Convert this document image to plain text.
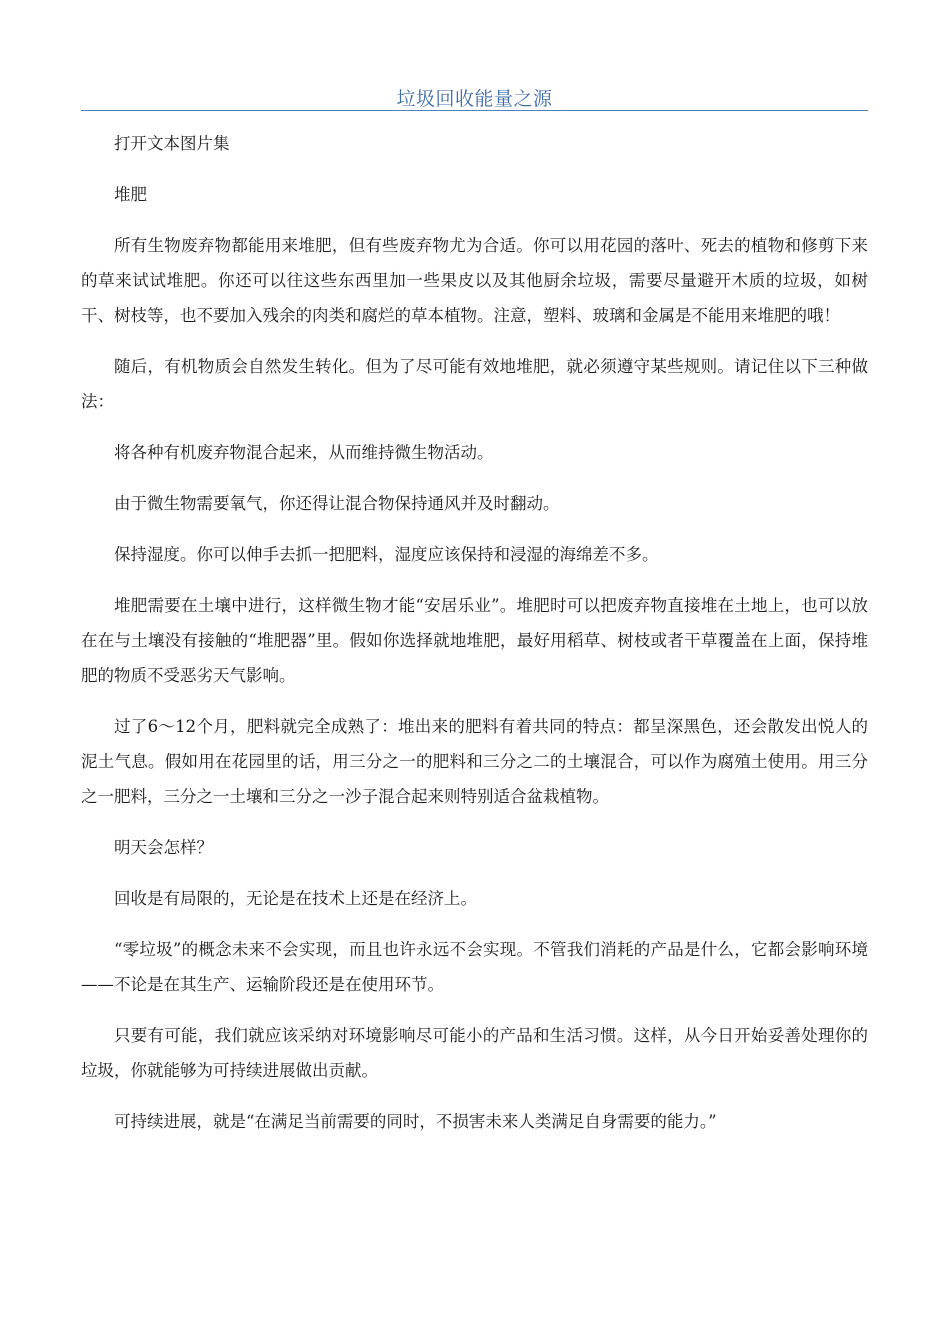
垃圾回收能量之源

打开文本图片集

堆肥

所有生物废弃物都能用来堆肥，但有些废弃物尤为合适。你可以用花园的落叶、死去的植物和修剪下来的草来试试堆肥。你还可以往这些东西里加一些果皮以及其他厨余垃圾，需要尽量避开木质的垃圾，如树干、树枝等，也不要加入残余的肉类和腐烂的草本植物。注意，塑料、玻璃和金属是不能用来堆肥的哦！

随后，有机物质会自然发生转化。但为了尽可能有效地堆肥，就必须遵守某些规则。请记住以下三种做法：

将各种有机废弃物混合起来，从而维持微生物活动。

由于微生物需要氧气，你还得让混合物保持通风并及时翻动。

保持湿度。你可以伸手去抓一把肥料，湿度应该保持和浸湿的海绵差不多。

堆肥需要在土壤中进行，这样微生物才能“安居乐业”。堆肥时可以把废弃物直接堆在土地上，也可以放在在与土壤没有接触的“堆肥器”里。假如你选择就地堆肥，最好用稻草、树枝或者干草覆盖在上面，保持堆肥的物质不受恶劣天气影响。

过了6～12个月，肥料就完全成熟了：堆出来的肥料有着共同的特点：都呈深黑色，还会散发出悦人的泥土气息。假如用在花园里的话，用三分之一的肥料和三分之二的土壤混合，可以作为腐殖土使用。用三分之一肥料，三分之一土壤和三分之一沙子混合起来则特别适合盆栽植物。

明天会怎样？

回收是有局限的，无论是在技术上还是在经济上。

“零垃圾”的概念未来不会实现，而且也许永远不会实现。不管我们消耗的产品是什么，它都会影响环境——不论是在其生产、运输阶段还是在使用环节。

只要有可能，我们就应该采纳对环境影响尽可能小的产品和生活习惯。这样，从今日开始妥善处理你的垃圾，你就能够为可持续进展做出贡献。

可持续进展，就是“在满足当前需要的同时，不损害未来人类满足自身需要的能力。”
